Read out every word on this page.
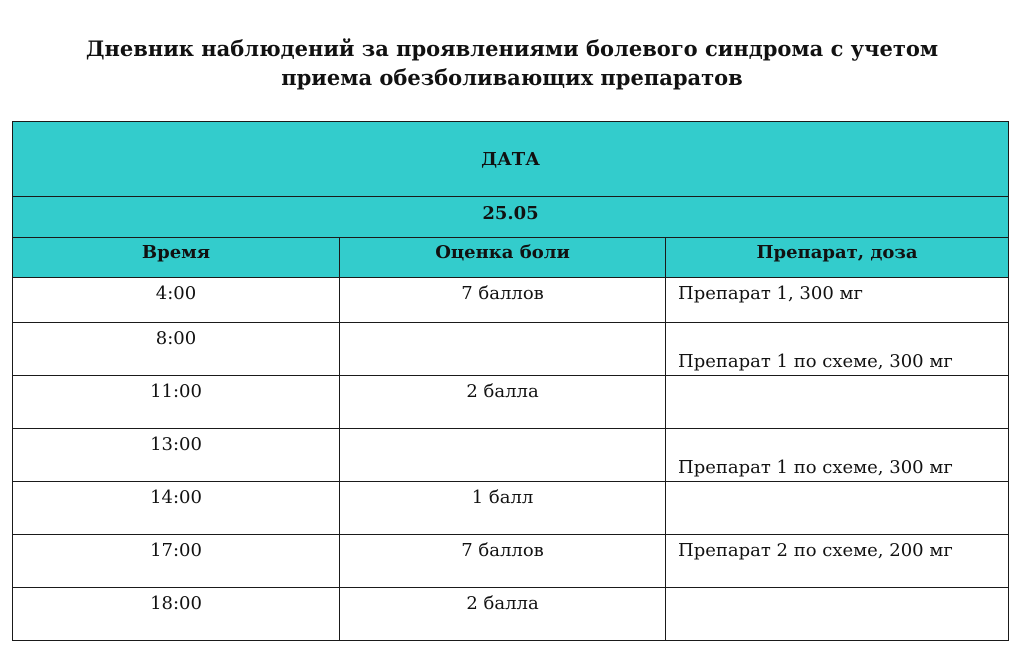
Дневник наблюдений за проявлениями болевого синдрома с учетом
приема обезболивающих препаратов
ДАТА		

25.05		

Время	Оценка боли	Препарат, доза

4:00	7 баллов	Препарат 1, 300 мг

8:00		Препарат 1 по схеме, 300 мг

11:00	2 балла	

13:00		Препарат 1 по схеме, 300 мг

14:00	1 балл	

17:00	7 баллов	Препарат 2 по схеме, 200 мг

18:00	2 балла	
